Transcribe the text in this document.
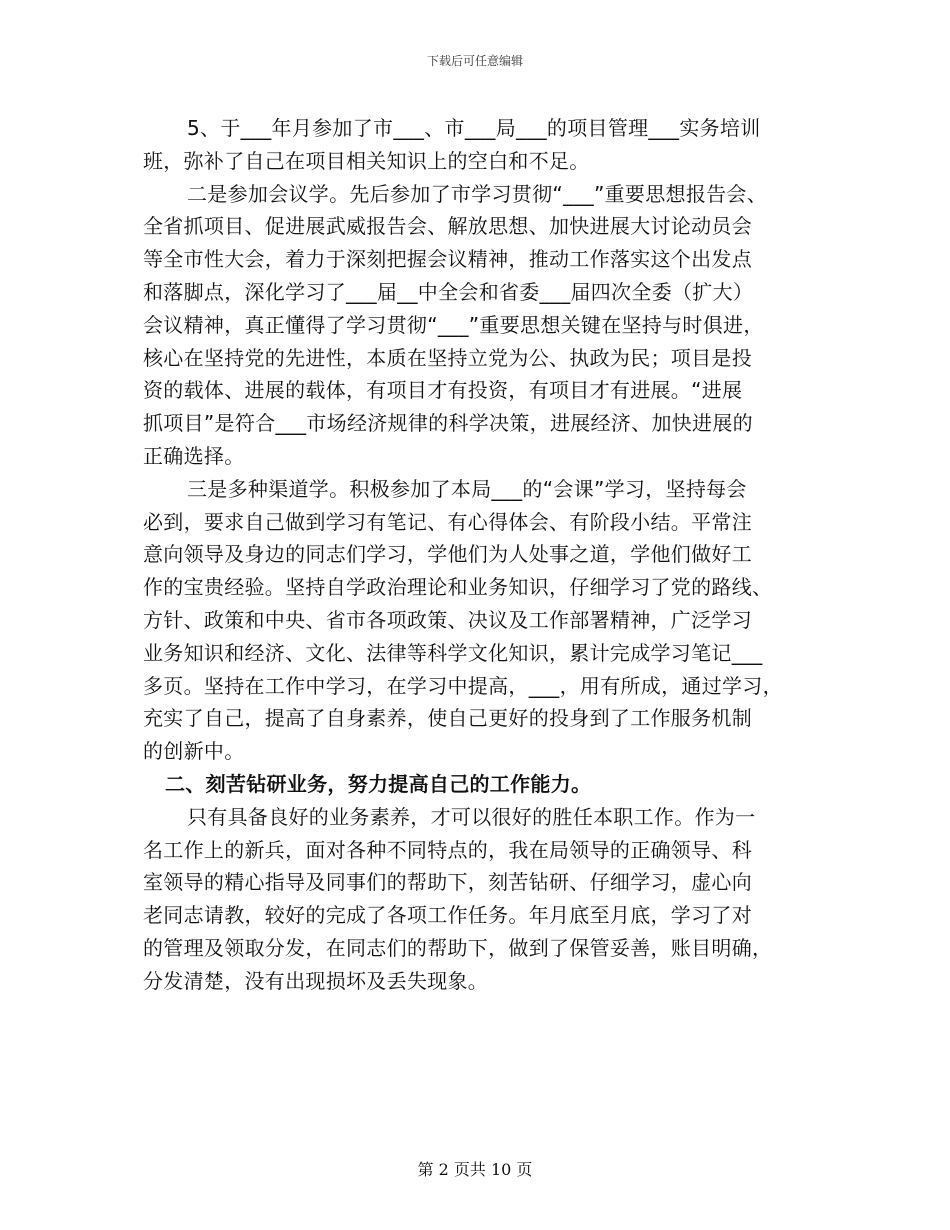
下载后可任意编辑
5、于___年月参加了市___、市___局___的项目管理___实务培训
班，弥补了自己在项目相关知识上的空白和不足。
二是参加会议学。先后参加了市学习贯彻“___”重要思想报告会、
全省抓项目、促进展武威报告会、解放思想、加快进展大讨论动员会
等全市性大会，着力于深刻把握会议精神，推动工作落实这个出发点
和落脚点，深化学习了___届__中全会和省委___届四次全委（扩大）
会议精神，真正懂得了学习贯彻“___”重要思想关键在坚持与时俱进，
核心在坚持党的先进性，本质在坚持立党为公、执政为民；项目是投
资的载体、进展的载体，有项目才有投资，有项目才有进展。“进展
抓项目”是符合___市场经济规律的科学决策，进展经济、加快进展的
正确选择。
三是多种渠道学。积极参加了本局___的“会课”学习，坚持每会
必到，要求自己做到学习有笔记、有心得体会、有阶段小结。平常注
意向领导及身边的同志们学习，学他们为人处事之道，学他们做好工
作的宝贵经验。坚持自学政治理论和业务知识，仔细学习了党的路线、
方针、政策和中央、省市各项政策、决议及工作部署精神，广泛学习
业务知识和经济、文化、法律等科学文化知识，累计完成学习笔记___
多页。坚持在工作中学习，在学习中提高，___，用有所成，通过学习，
充实了自己，提高了自身素养，使自己更好的投身到了工作服务机制
的创新中。
二、刻苦钻研业务，努力提高自己的工作能力。
只有具备良好的业务素养，才可以很好的胜任本职工作。作为一
名工作上的新兵，面对各种不同特点的，我在局领导的正确领导、科
室领导的精心指导及同事们的帮助下，刻苦钻研、仔细学习，虚心向
老同志请教，较好的完成了各项工作任务。年月底至月底，学习了对
的管理及领取分发，在同志们的帮助下，做到了保管妥善，账目明确，
分发清楚，没有出现损坏及丢失现象。
第 2 页共 10 页
